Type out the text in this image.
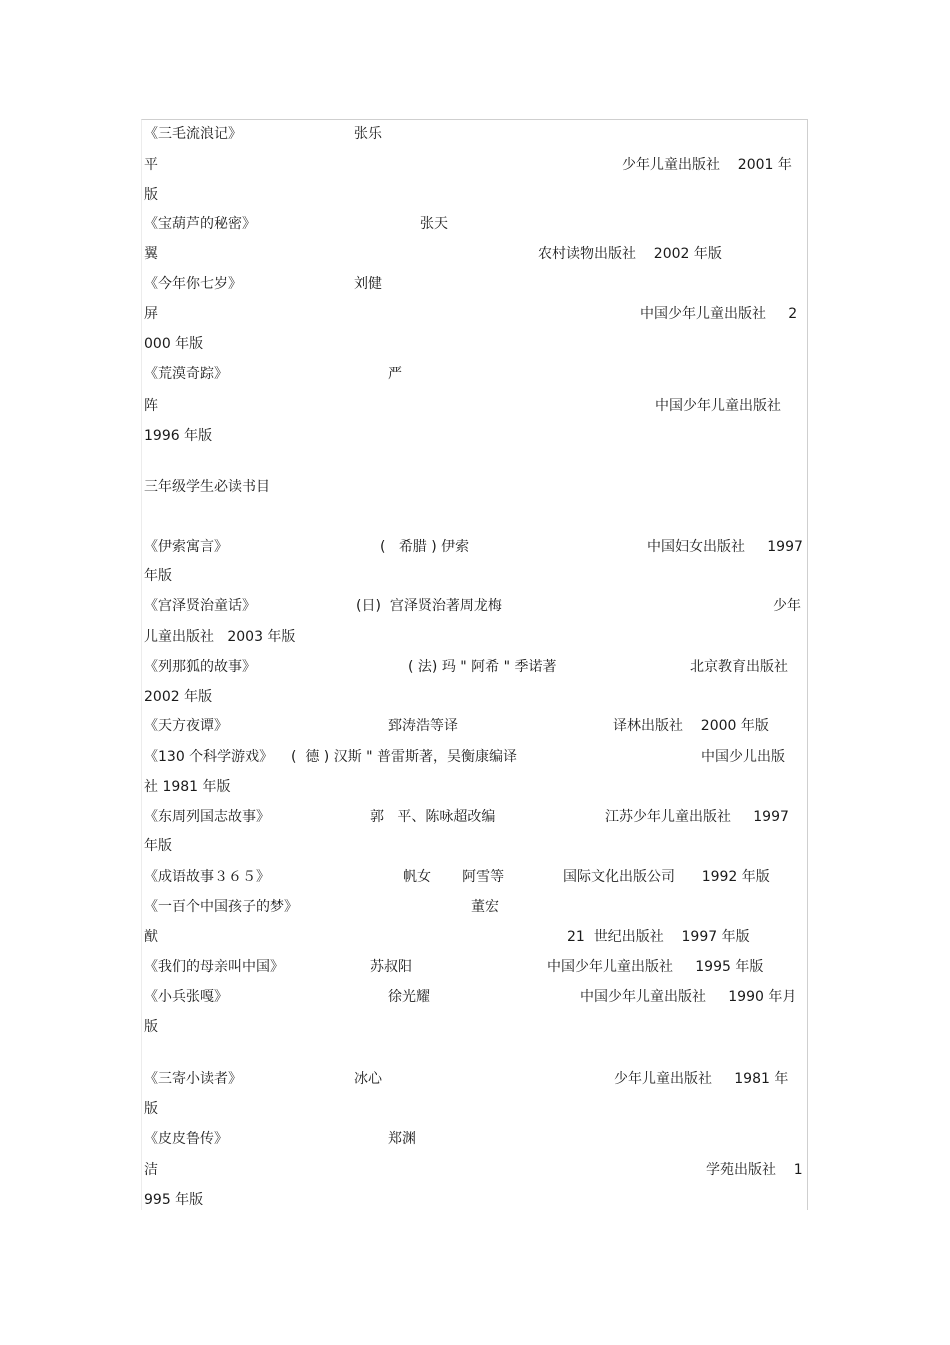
《三毛流浪记》	张乐
平	少年儿童出版社    2001 年
版
《宝葫芦的秘密》	张天
翼	农村读物出版社    2002 年版
《今年你七岁》	刘健
屏	中国少年儿童出版社     2
000 年版
《荒漠奇踪》	严
阵	中国少年儿童出版社
1996 年版
三年级学生必读书目
《伊索寓言》	(   希腊 ) 伊索	中国妇女出版社     1997
年版
《宫泽贤治童话》	(日)  宫泽贤治著周龙梅	少年
儿童出版社   2003 年版
《列那狐的故事》	( 法) 玛 " 阿希 " 季诺著	北京教育出版社
2002 年版
《天方夜谭》	郅涛浩等译	译林出版社    2000 年版
《130 个科学游戏》    (  德 ) 汉斯 " 普雷斯著，吴衡康编译	中国少儿出版
社 1981 年版
《东周列国志故事》	郭   平、陈咏超改编	江苏少年儿童出版社     1997
年版
《成语故事３６５》	帆女       阿雪等	国际文化出版公司      1992 年版
《一百个中国孩子的梦》	董宏
猷	21  世纪出版社    1997 年版
《我们的母亲叫中国》	苏叔阳	中国少年儿童出版社     1995 年版
《小兵张嘎》	徐光耀	中国少年儿童出版社     1990 年月
版
《三寄小读者》	冰心	少年儿童出版社     1981 年
版
《皮皮鲁传》	郑渊
洁	学苑出版社    1
995 年版
